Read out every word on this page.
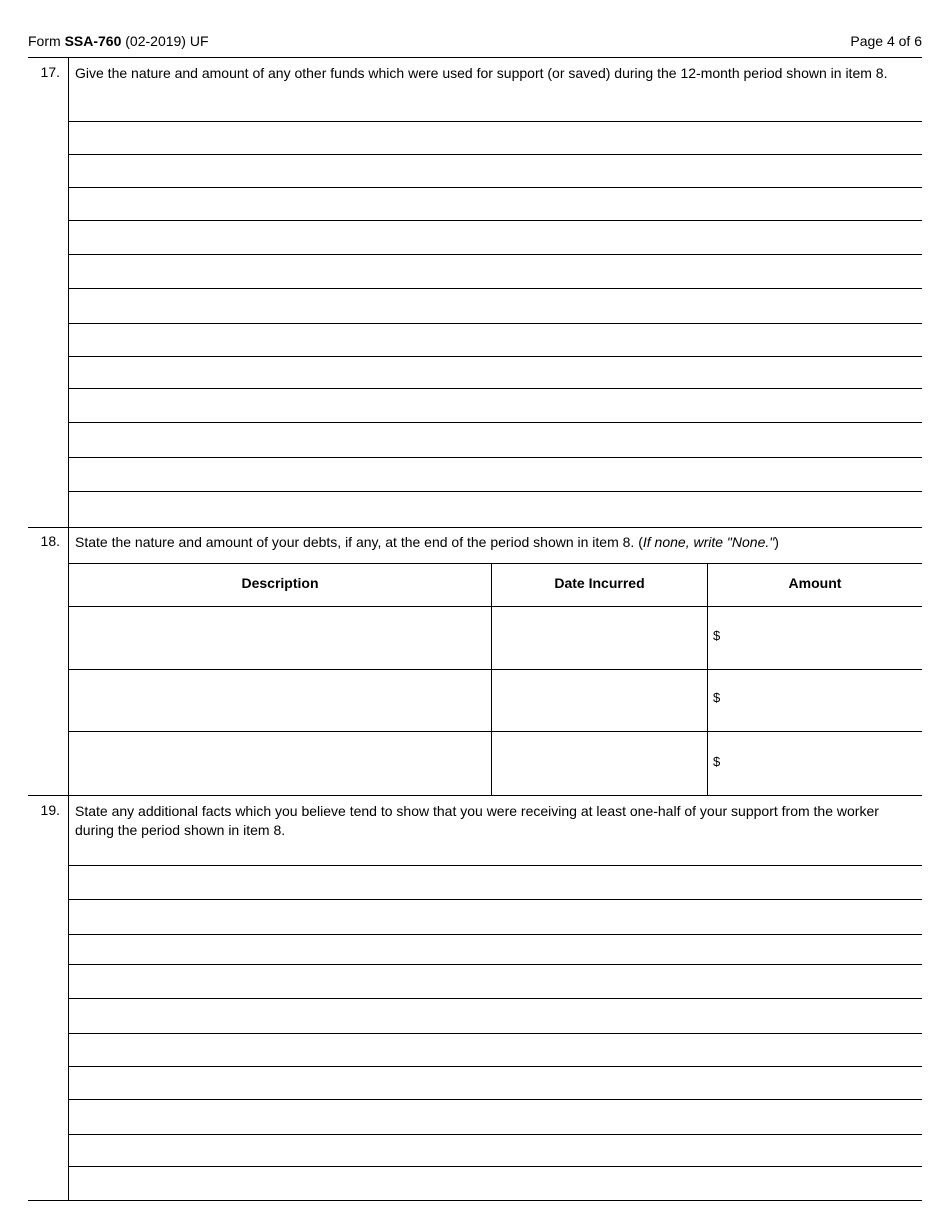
Form SSA-760 (02-2019) UF	Page 4 of 6
17. Give the nature and amount of any other funds which were used for support (or saved) during the 12-month period shown in item 8.
18. State the nature and amount of your debts, if any, at the end of the period shown in item 8. (If none, write "None.")
Description	Date Incurred	Amount
$
$
$
19. State any additional facts which you believe tend to show that you were receiving at least one-half of your support from the worker during the period shown in item 8.
